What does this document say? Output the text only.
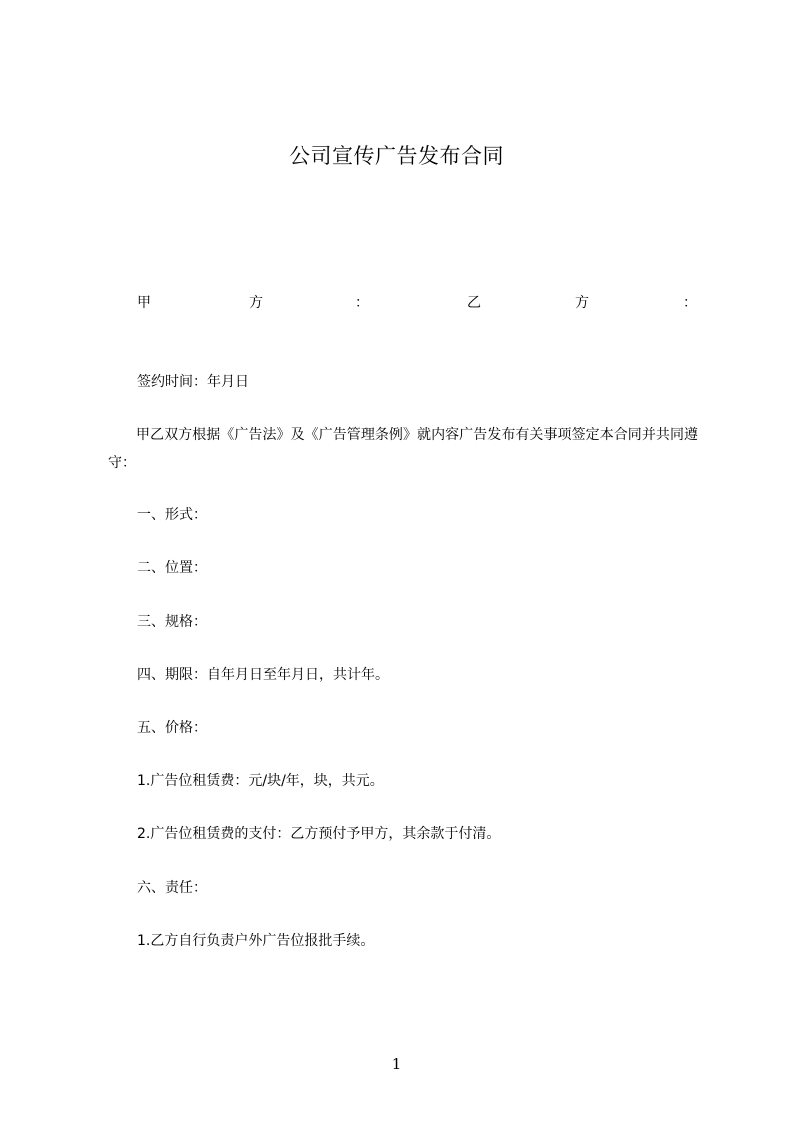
公司宣传广告发布合同
甲	方	：	乙	方	：
签约时间：年月日
甲乙双方根据《广告法》及《广告管理条例》就内容广告发布有关事项签定本合同并共同遵守：
一、形式：
二、位置：
三、规格：
四、期限：自年月日至年月日，共计年。
五、价格：
1.广告位租赁费：元/块/年，块，共元。
2.广告位租赁费的支付：乙方预付予甲方，其余款于付清。
六、责任：
1.乙方自行负责户外广告位报批手续。
1
